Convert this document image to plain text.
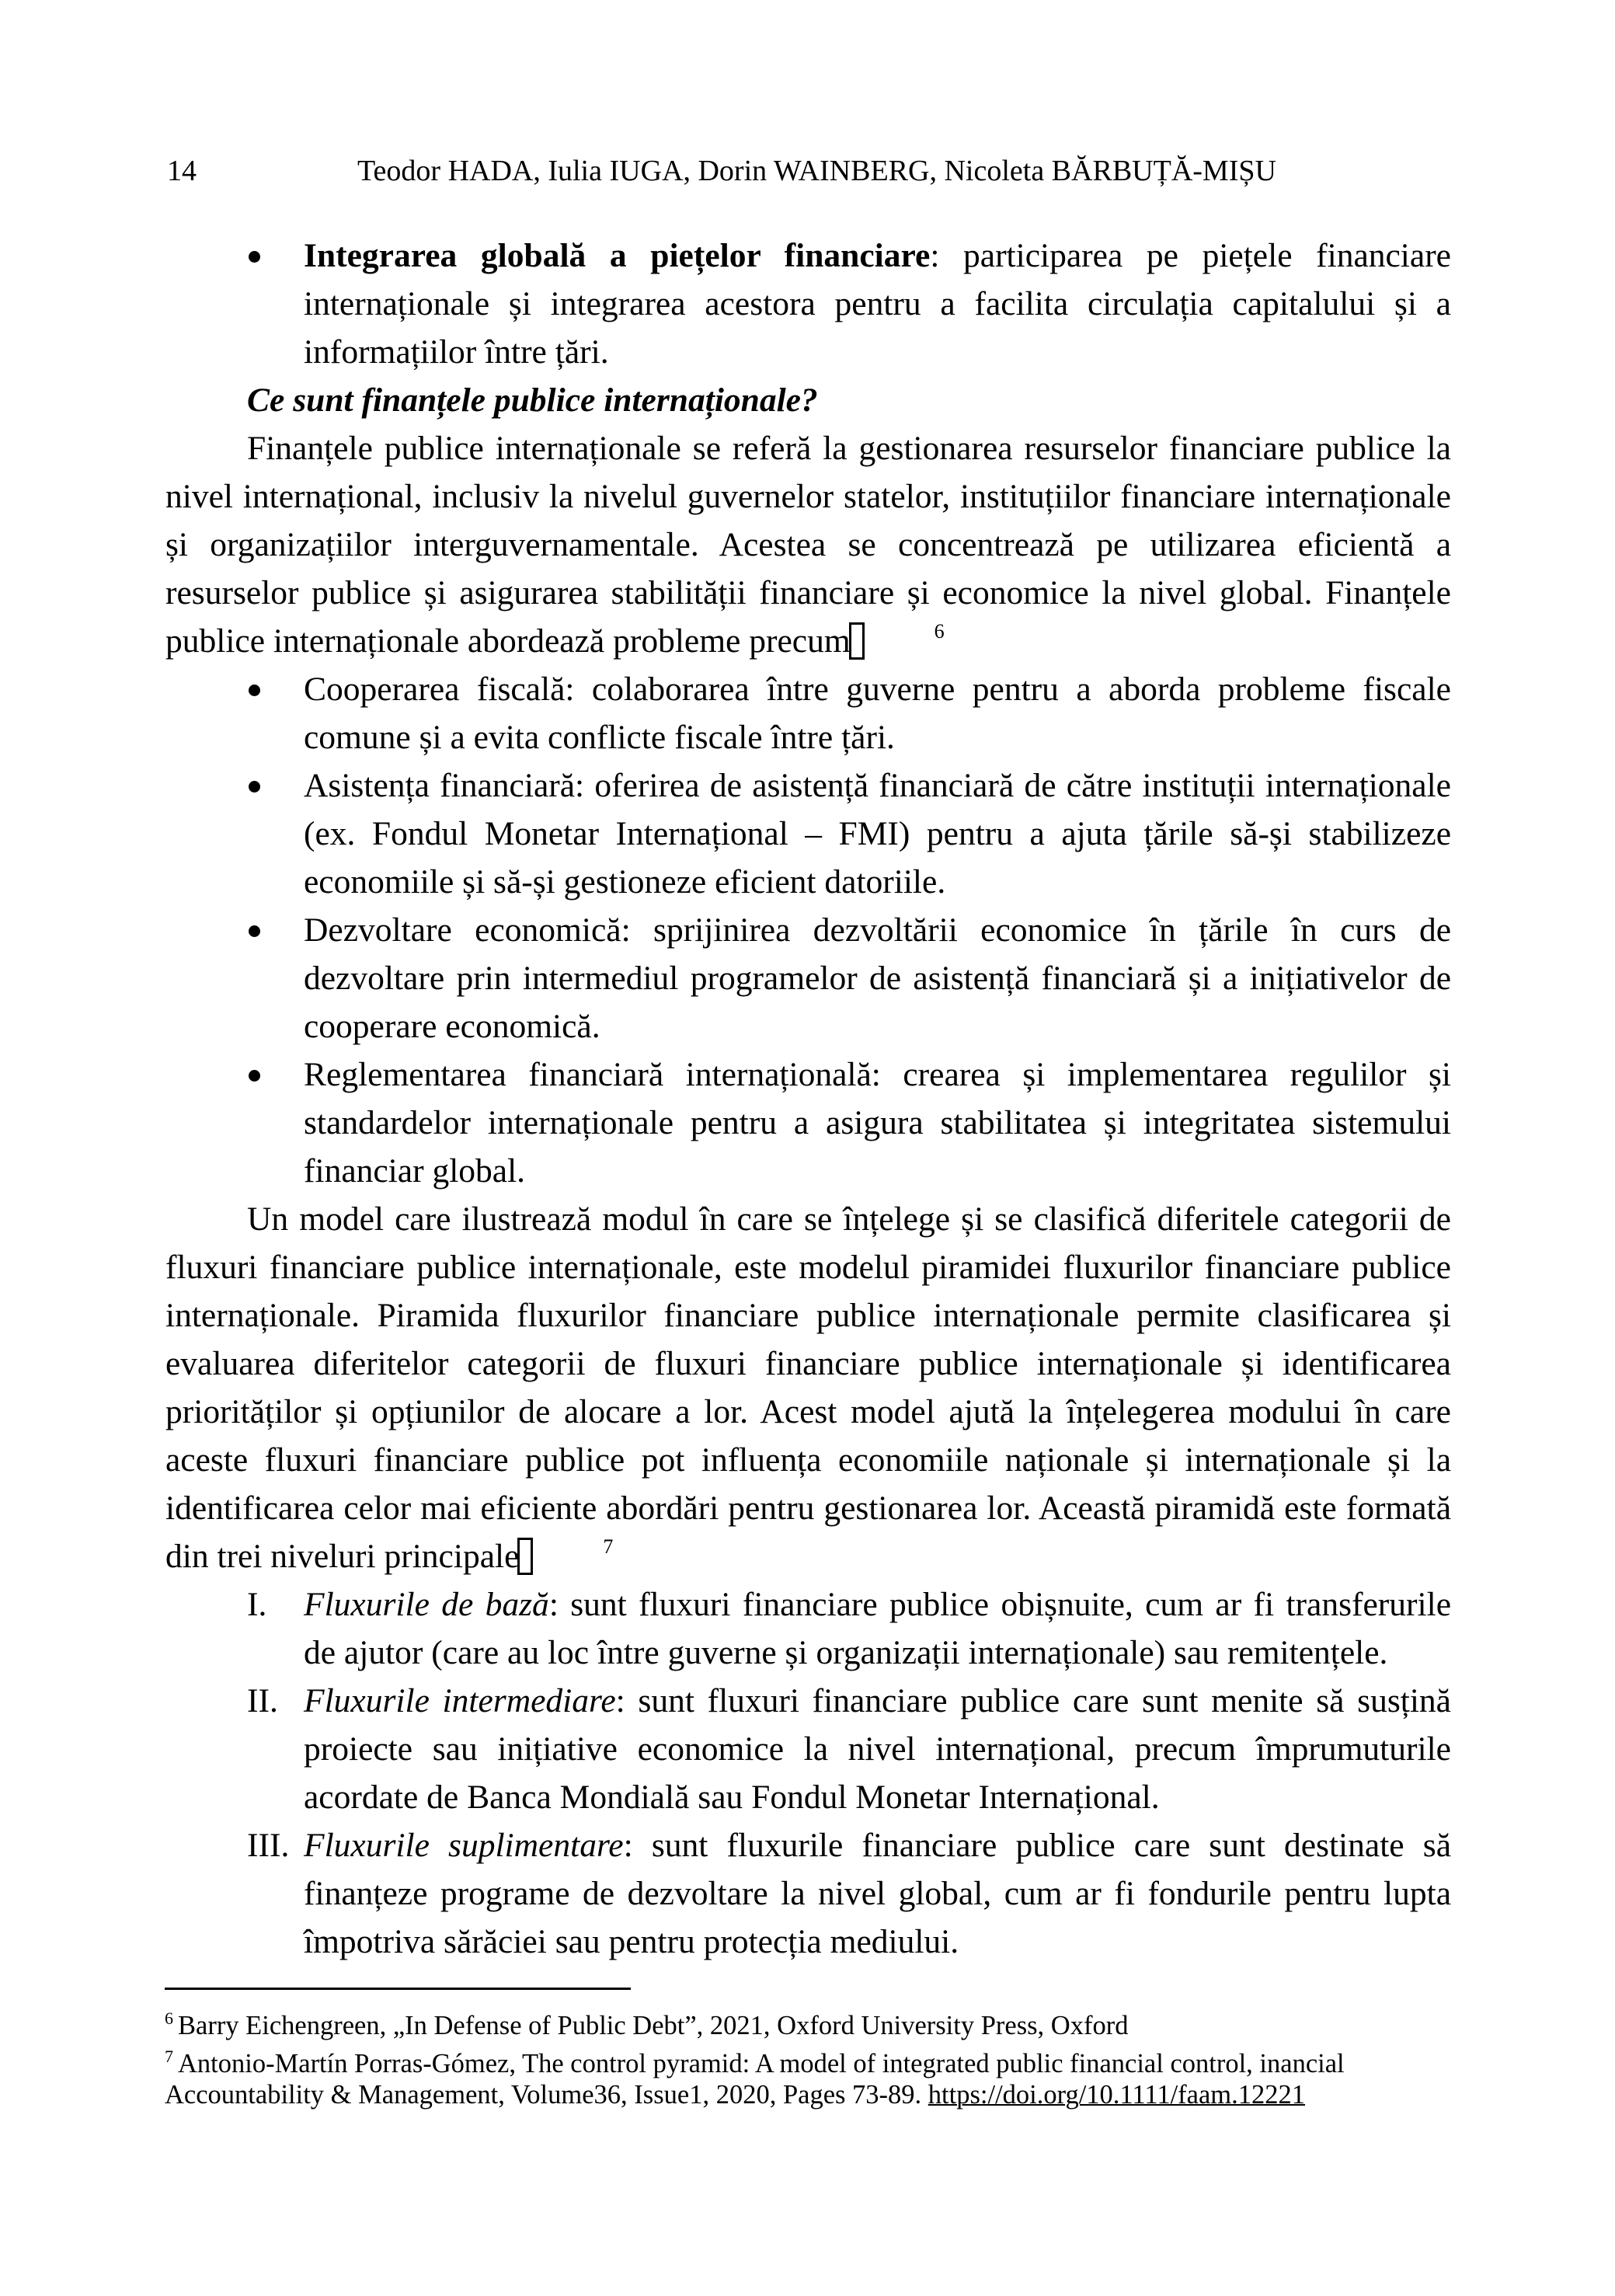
14	Teodor HADA, Iulia IUGA, Dorin WAINBERG, Nicoleta BĂRBUȚĂ-MIȘU
Integrarea globală a piețelor financiare: participarea pe piețele financiare internaționale și integrarea acestora pentru a facilita circulația capitalului și a informațiilor între țări.

Ce sunt finanțele publice internaționale?

Finanțele publice internaționale se referă la gestionarea resurselor financiare publice la nivel internațional, inclusiv la nivelul guvernelor statelor, instituțiilor financiare internaționale și organizațiilor interguvernamentale. Acestea se concentrează pe utilizarea eficientă a resurselor publice și asigurarea stabilității financiare și economice la nivel global. Finanțele publice internaționale abordează probleme precum	6

Cooperarea fiscală: colaborarea între guverne pentru a aborda probleme fiscale comune și a evita conflicte fiscale între țări.
Asistența financiară: oferirea de asistență financiară de către instituții internaționale (ex. Fondul Monetar Internațional – FMI) pentru a ajuta țările să-și stabilizeze economiile și să-și gestioneze eficient datoriile.
Dezvoltare economică: sprijinirea dezvoltării economice în țările în curs de dezvoltare prin intermediul programelor de asistență financiară și a inițiativelor de cooperare economică.
Reglementarea financiară internațională: crearea și implementarea regulilor și standardelor internaționale pentru a asigura stabilitatea și integritatea sistemului financiar global.

Un model care ilustrează modul în care se înțelege și se clasifică diferitele categorii de fluxuri financiare publice internaționale, este modelul piramidei fluxurilor financiare publice internaționale. Piramida fluxurilor financiare publice internaționale permite clasificarea și evaluarea diferitelor categorii de fluxuri financiare publice internaționale și identificarea priorităților și opțiunilor de alocare a lor. Acest model ajută la înțelegerea modului în care aceste fluxuri financiare publice pot influența economiile naționale și internaționale și la identificarea celor mai eficiente abordări pentru gestionarea lor. Această piramidă este formată din trei niveluri principale	7

I. Fluxurile de bază: sunt fluxuri financiare publice obișnuite, cum ar fi transferurile de ajutor (care au loc între guverne și organizații internaționale) sau remitențele.
II. Fluxurile intermediare: sunt fluxuri financiare publice care sunt menite să susțină proiecte sau inițiative economice la nivel internațional, precum împrumuturile acordate de Banca Mondială sau Fondul Monetar Internațional.
III. Fluxurile suplimentare: sunt fluxurile financiare publice care sunt destinate să finanțeze programe de dezvoltare la nivel global, cum ar fi fondurile pentru lupta împotriva sărăciei sau pentru protecția mediului.

$^6$ Barry Eichengreen, „In Defense of Public Debt”, 2021, Oxford University Press, Oxford

$^7$ Antonio-Martín Porras-Gómez, The control pyramid: A model of integrated public financial control, inancial Accountability & Management, Volume36, Issue1, 2020, Pages 73-89. https://doi.org/10.1111/faam.12221
